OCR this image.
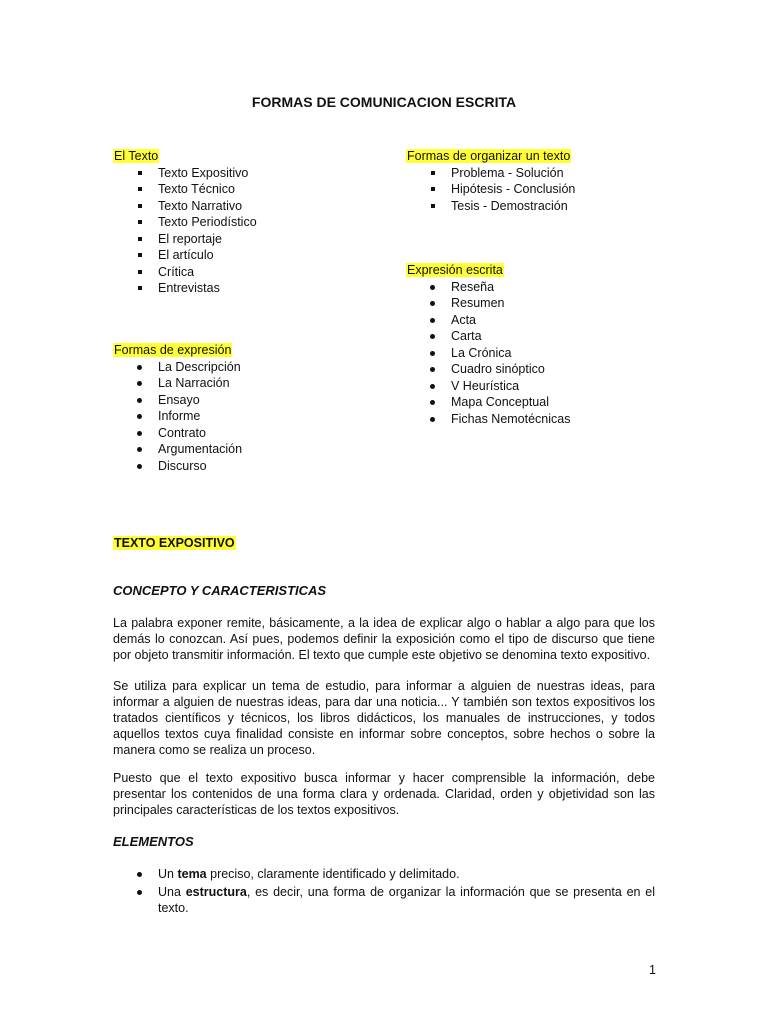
FORMAS DE COMUNICACION ESCRITA
El Texto
Texto Expositivo
Texto Técnico
Texto Narrativo
Texto Periodístico
El reportaje
El artículo
Crítica
Entrevistas
Formas de expresión
La Descripción
La Narración
Ensayo
Informe
Contrato
Argumentación
Discurso
Formas de organizar un texto
Problema - Solución
Hipótesis - Conclusión
Tesis - Demostración
Expresión escrita
Reseña
Resumen
Acta
Carta
La Crónica
Cuadro sinóptico
V Heurística
Mapa Conceptual
Fichas Nemotécnicas
TEXTO EXPOSITIVO
CONCEPTO Y CARACTERISTICAS

La palabra exponer remite, básicamente, a la idea de explicar algo o hablar a algo para que los demás lo conozcan. Así pues, podemos definir la exposición como el tipo de discurso que tiene por objeto transmitir información. El texto que cumple este objetivo se denomina texto expositivo.

Se utiliza para explicar un tema de estudio, para informar a alguien de nuestras ideas, para informar a alguien de nuestras ideas, para dar una noticia... Y también son textos expositivos los tratados científicos y técnicos, los libros didácticos, los manuales de instrucciones, y todos aquellos textos cuya finalidad consiste en informar sobre conceptos, sobre hechos o sobre la manera como se realiza un proceso.

Puesto que el texto expositivo busca informar y hacer comprensible la información, debe presentar los contenidos de una forma clara y ordenada. Claridad, orden y objetividad son las principales características de los textos expositivos.

ELEMENTOS
Un tema preciso, claramente identificado y delimitado.
Una estructura, es decir, una forma de organizar la información que se presenta en el texto.
1
